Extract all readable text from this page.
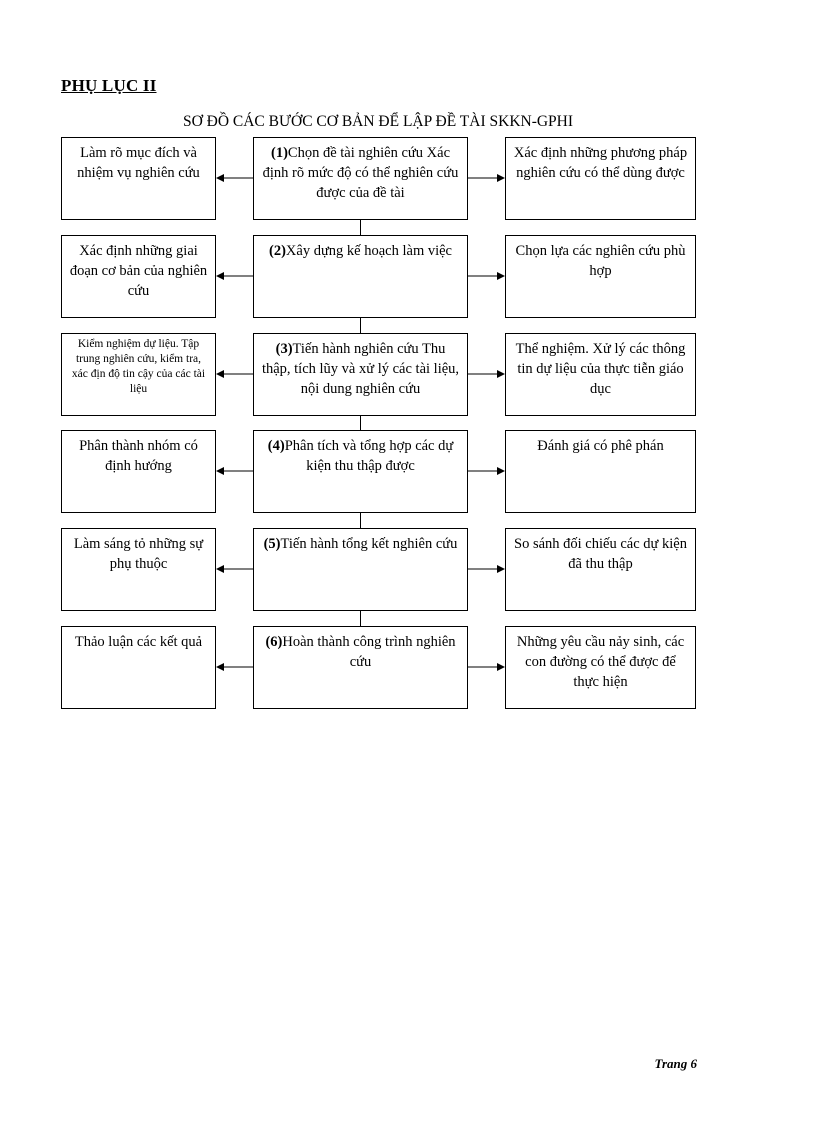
PHỤ LỤC II
SƠ ĐỒ CÁC BƯỚC CƠ BẢN ĐỂ LẬP ĐỀ TÀI SKKN-GPHI
Làm rõ mục đích và nhiệm vụ nghiên cứu
(1)Chọn đề tài nghiên cứu Xác định rõ mức độ có thể nghiên cứu được của đề tài
Xác định những phương pháp nghiên cứu có thể dùng được
Xác định những giai đoạn cơ bản của nghiên cứu
(2)Xây dựng kế hoạch làm việc	Chọn lựa các nghiên cứu phù hợp
Kiểm nghiệm dự liệu. Tập trung nghiên cứu, kiểm tra, xác địn độ tin cậy của các tài liệu
(3)Tiến hành nghiên cứu Thu thập, tích lũy và xử lý các tài liệu, nội dung nghiên cứu
Thể nghiệm. Xử lý các thông tin dự liệu của thực tiễn giáo dục
Phân thành nhóm có định hướng
(4)Phân tích và tổng hợp các dự kiện thu thập được
Đánh giá có phê phán
Làm sáng tỏ những sự phụ thuộc
(5)Tiến hành tổng kết nghiên cứu	So sánh đối chiếu các dự kiện đã thu thập
Thảo luận các kết quả	(6)Hoàn thành công trình nghiên cứu
Những yêu cầu nảy sinh, các con đường có thể được để thực hiện
Trang 6
